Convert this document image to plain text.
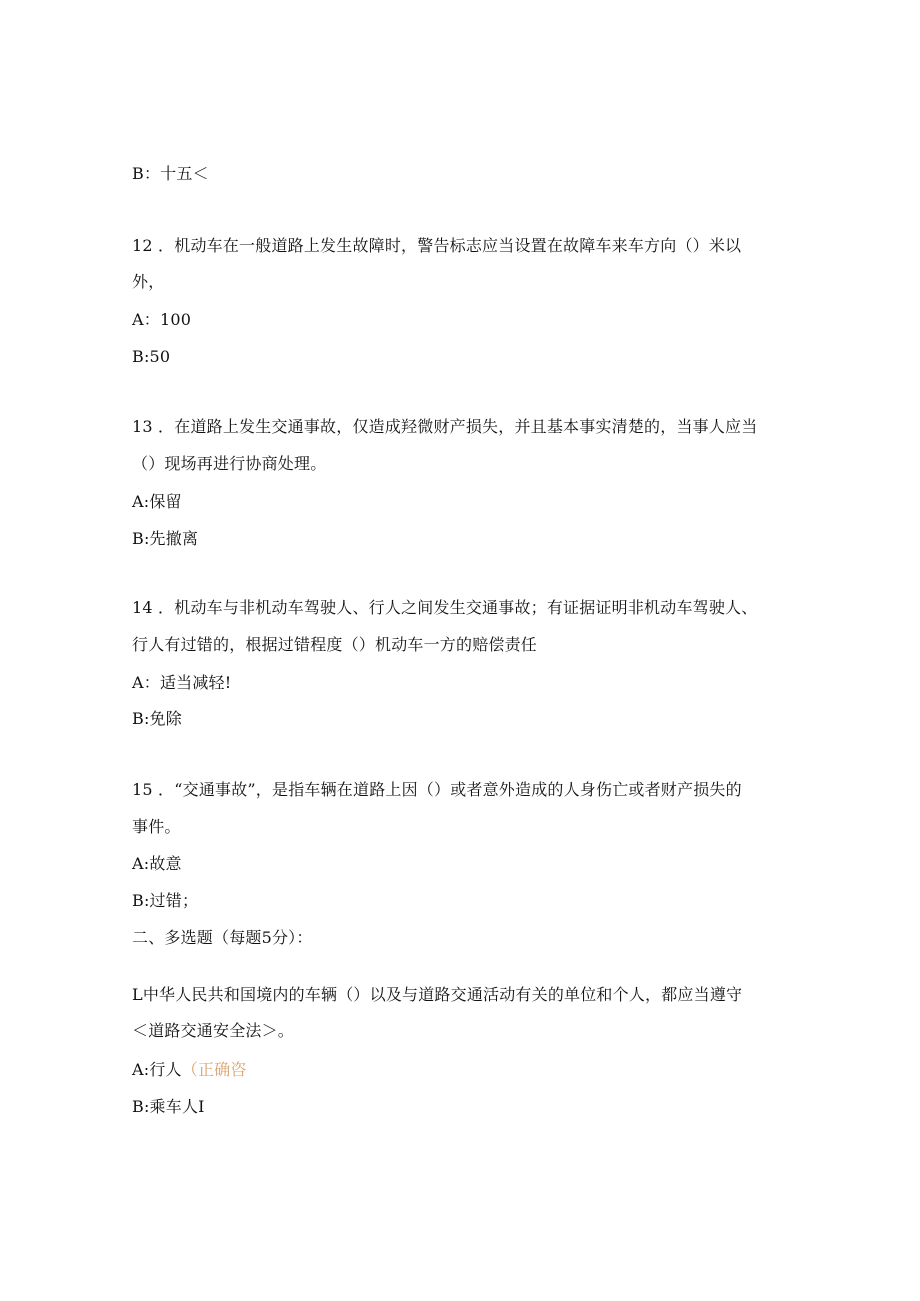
B：十五＜
12 ．机动车在一般道路上发生故障时，警告标志应当设置在故障车来车方向（）米以
外，
A：100
B:50
13 ．在道路上发生交通事故，仅造成羟微财产损失，并且基本事实清楚的，当事人应当
（）现场再进行协商处理。
A:保留
B:先撤离
14 ．机动车与非机动车驾驶人、行人之间发生交通事故；有证据证明非机动车驾驶人、
行人有过错的，根据过错程度（）机动车一方的赔偿责任
A：适当减轻!
B:免除
15 ．“交通事故”，是指车辆在道路上因（）或者意外造成的人身伤亡或者财产损失的
事件。
A:故意
B:过错；
二、多选题（每题5分）：
L中华人民共和国境内的车辆（）以及与道路交通活动有关的单位和个人，都应当遵守
＜道路交通安全法＞。
A:行人（正确咨
B:乘车人I
